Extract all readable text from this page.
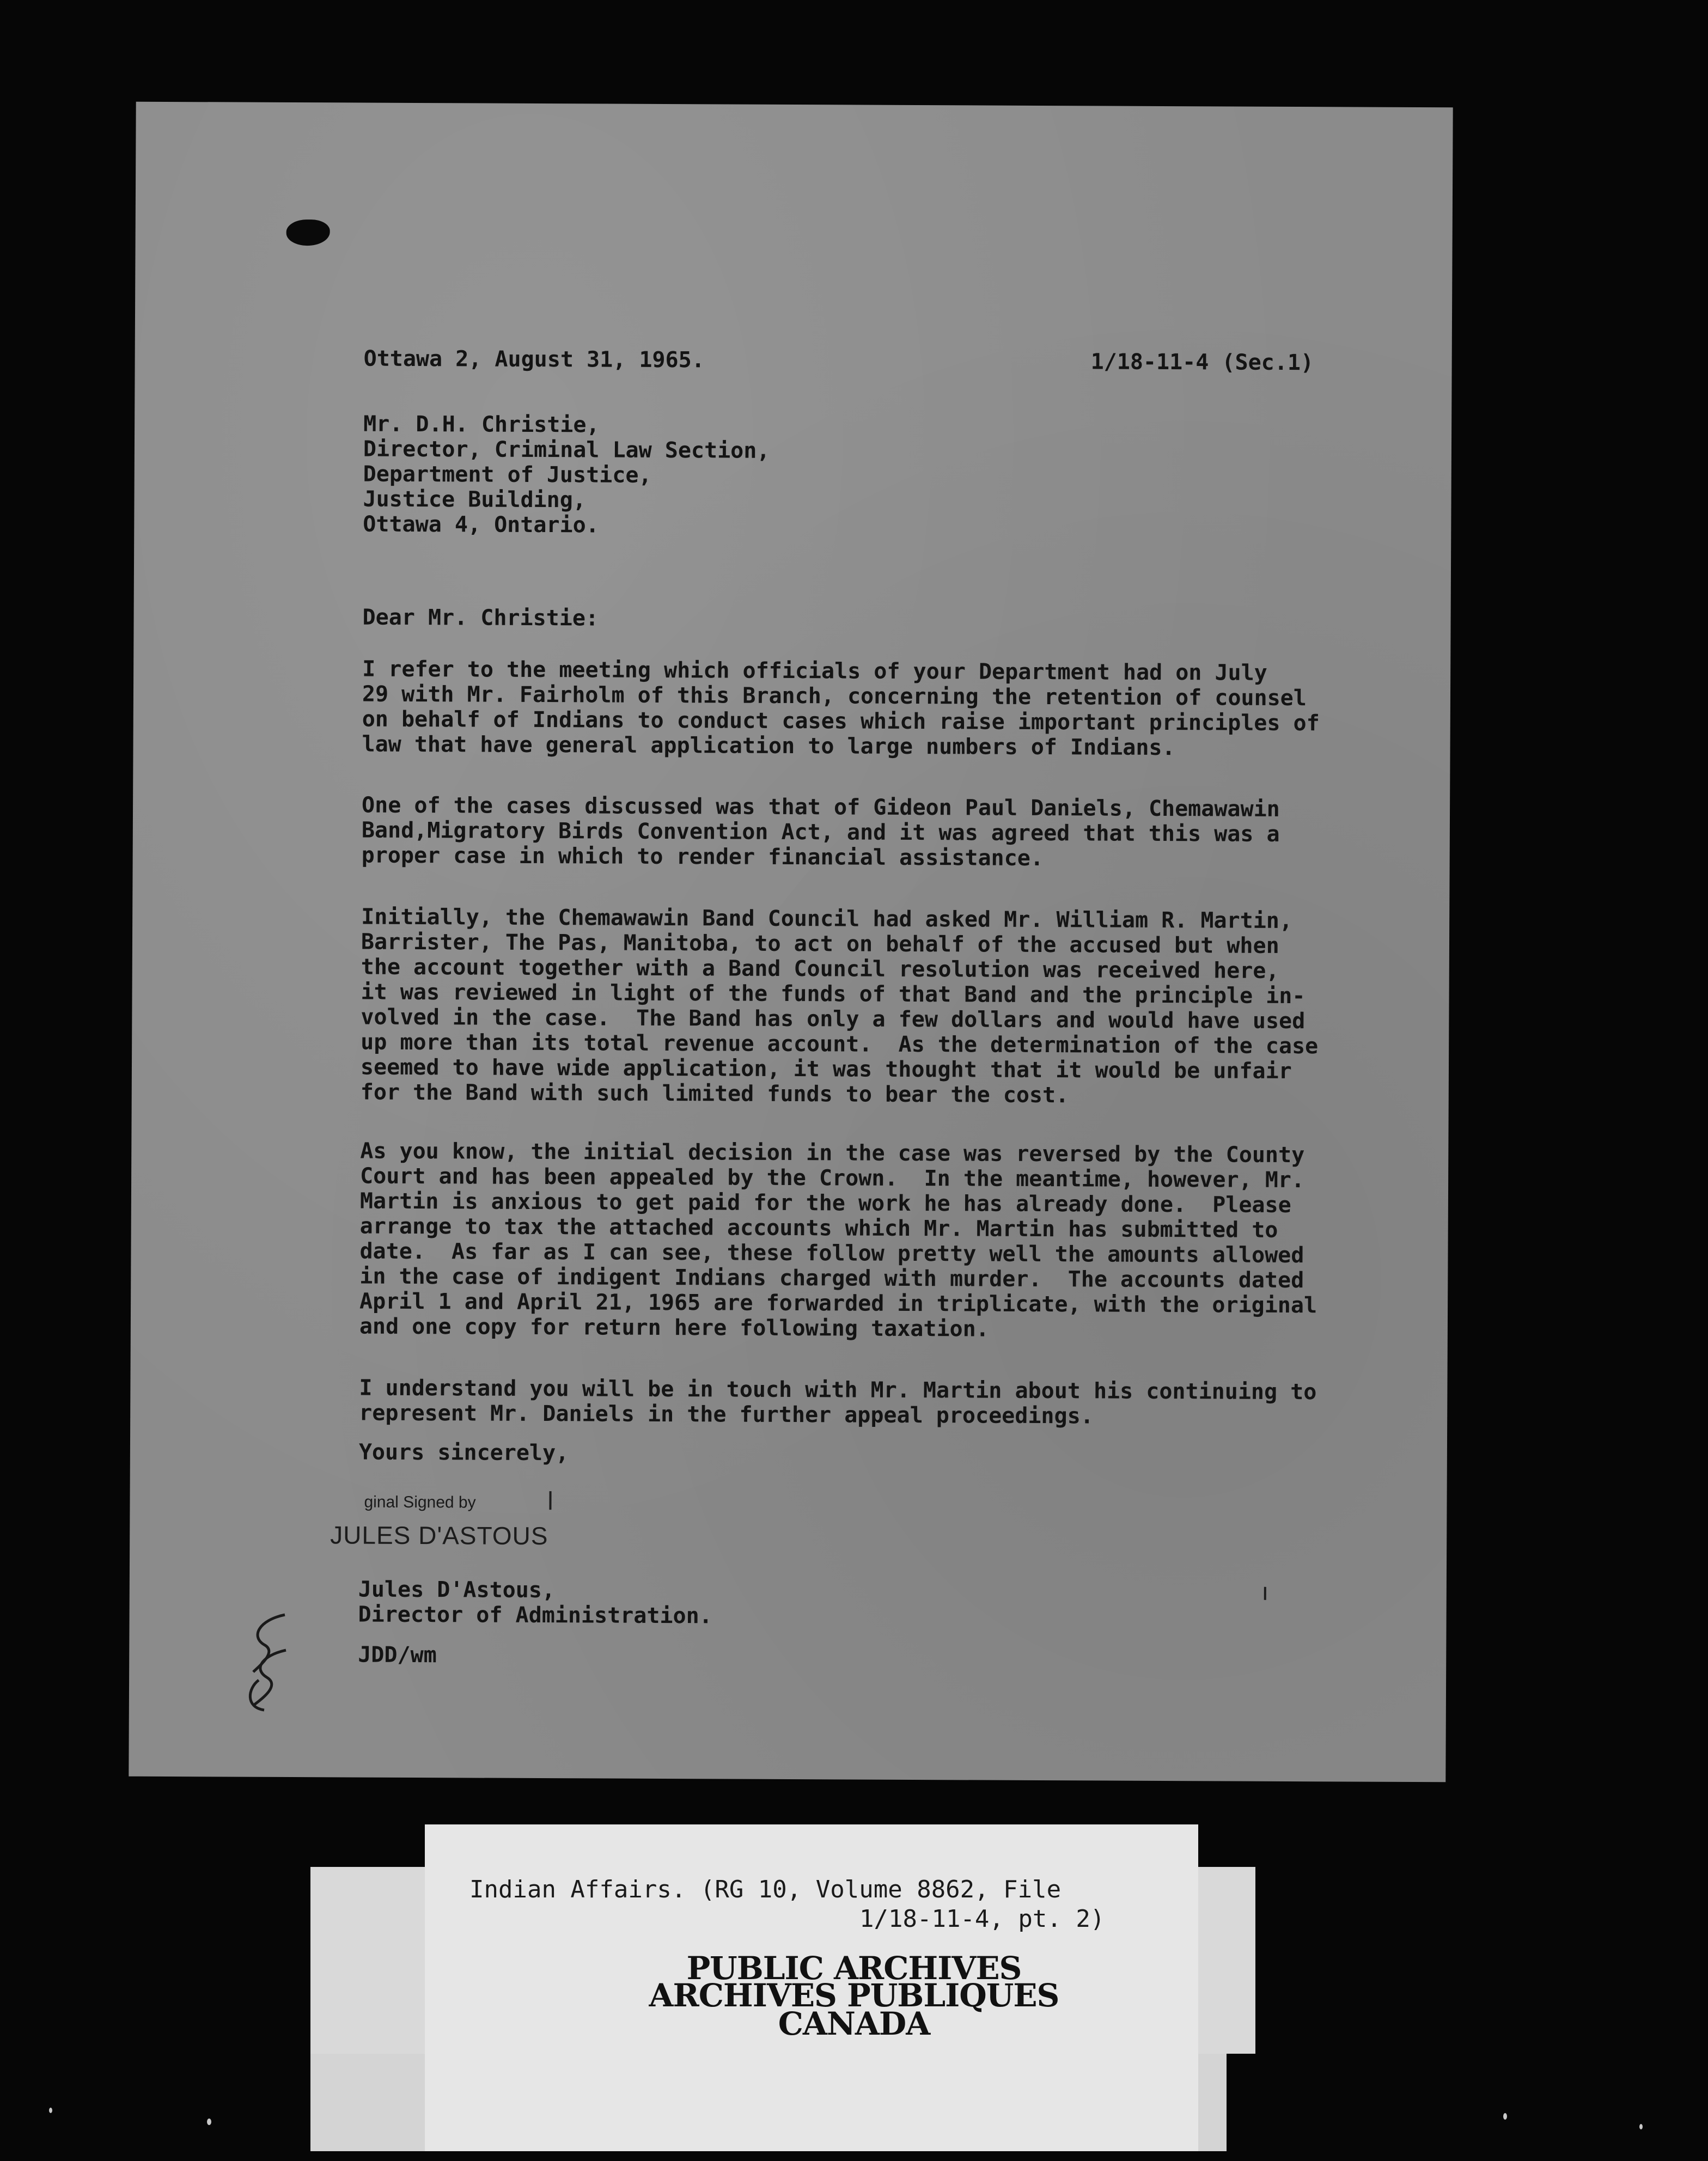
Ottawa 2, August 31, 1965.	1/18-11-4 (Sec.1)
Mr. D.H. Christie,
Director, Criminal Law Section,
Department of Justice,
Justice Building,
Ottawa 4, Ontario.
Dear Mr. Christie:
I refer to the meeting which officials of your Department had on July
29 with Mr. Fairholm of this Branch, concerning the retention of counsel
on behalf of Indians to conduct cases which raise important principles of
law that have general application to large numbers of Indians.
One of the cases discussed was that of Gideon Paul Daniels, Chemawawin
Band,Migratory Birds Convention Act, and it was agreed that this was a
proper case in which to render financial assistance.
Initially, the Chemawawin Band Council had asked Mr. William R. Martin,
Barrister, The Pas, Manitoba, to act on behalf of the accused but when
the account together with a Band Council resolution was received here,
it was reviewed in light of the funds of that Band and the principle in-
volved in the case.  The Band has only a few dollars and would have used
up more than its total revenue account.  As the determination of the case
seemed to have wide application, it was thought that it would be unfair
for the Band with such limited funds to bear the cost.
As you know, the initial decision in the case was reversed by the County
Court and has been appealed by the Crown.  In the meantime, however, Mr.
Martin is anxious to get paid for the work he has already done.  Please
arrange to tax the attached accounts which Mr. Martin has submitted to
date.  As far as I can see, these follow pretty well the amounts allowed
in the case of indigent Indians charged with murder.  The accounts dated
April 1 and April 21, 1965 are forwarded in triplicate, with the original
and one copy for return here following taxation.
I understand you will be in touch with Mr. Martin about his continuing to
represent Mr. Daniels in the further appeal proceedings.
Yours sincerely,
ginal Signed by
JULES D'ASTOUS
Jules D'Astous,
Director of Administration.
JDD/wm
Indian Affairs. (RG 10, Volume 8862, File
1/18-11-4, pt. 2)
PUBLIC ARCHIVES
ARCHIVES PUBLIQUES
CANADA
